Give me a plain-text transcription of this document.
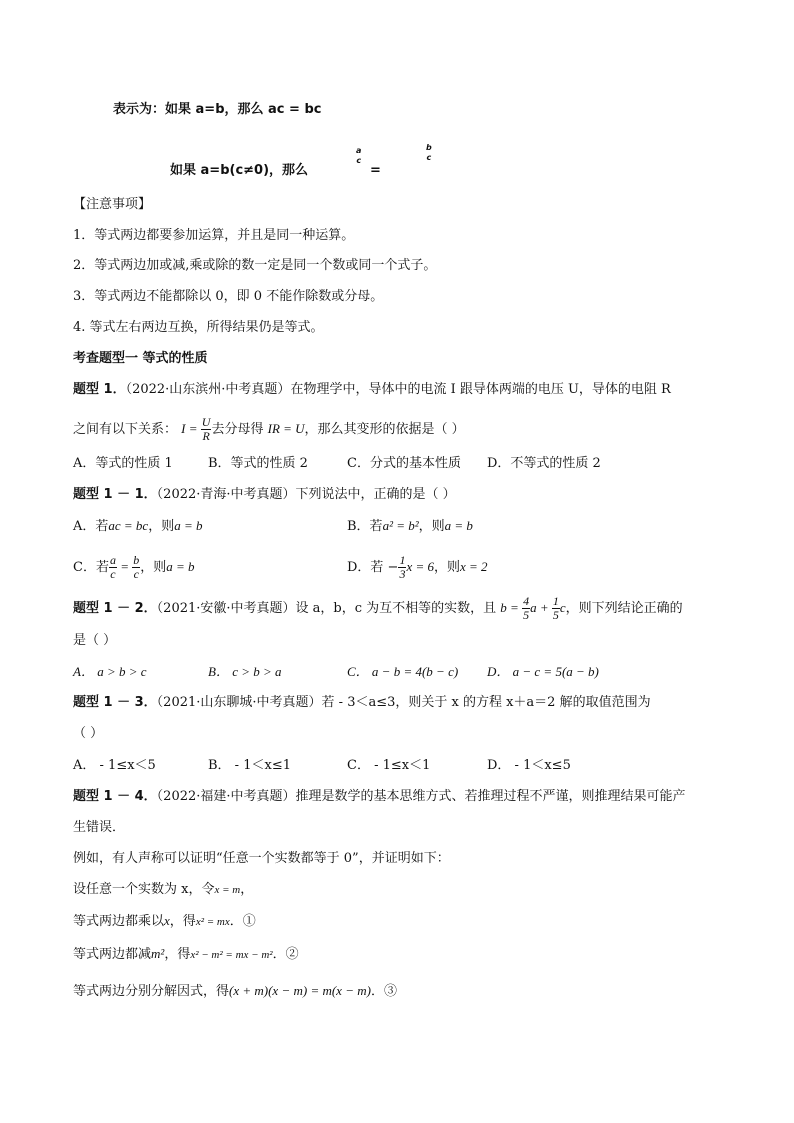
表示为：如果 a=b，那么 ac = bc
如果 a=b(c≠0)，那么
a
c
=
b
c
【注意事项】
1．等式两边都要参加运算，并且是同一种运算。
2．等式两边加或减,乘或除的数一定是同一个数或同一个式子。
3．等式两边不能都除以 0，即 0 不能作除数或分母。
4. 等式左右两边互换，所得结果仍是等式。
考查题型一 等式的性质
题型 1．（2022·山东滨州·中考真题）在物理学中，导体中的电流 I 跟导体两端的电压 U，导体的电阻 R
之间有以下关系： $I = \frac{U}{R}$ 去分母得 IR = U，那么其变形的依据是（ ）
A．等式的性质 1	B．等式的性质 2	C．分式的基本性质 D．不等式的性质 2
题型 1 － 1．（2022·青海·中考真题）下列说法中，正确的是（ ）
A．若ac = bc，则a = b	B．若a² = b²，则a = b
C．若 $\frac{a}{c} = \frac{b}{c}$ ，则a = b	D．若 − $\frac{1}{3}$ x = 6，则x = 2
题型 1 － 2．（2021·安徽·中考真题）设 a，b，c 为互不相等的实数，且 $b = \frac{4}{5}$ $a + \frac{1}{5}$ c，则下列结论正确的
是（ ）
A． a > b > c	B． c > b > a	C． a − b = 4(b − c) D． a − c = 5(a − b)
题型 1 － 3．（2021·山东聊城·中考真题）若 - 3＜a≤3，则关于 x 的方程 x＋a＝2 解的取值范围为
（ ）
A． - 1≤x＜5	B． - 1＜x≤1	C． - 1≤x＜1	D． - 1＜x≤5
题型 1 － 4．（2022·福建·中考真题）推理是数学的基本思维方式、若推理过程不严谨，则推理结果可能产
生错误．
例如，有人声称可以证明“任意一个实数都等于 0”，并证明如下：
设任意一个实数为 x，令x = m，
等式两边都乘以x，得x² = mx．①
等式两边都减m²，得x² − m² = mx − m²．②
等式两边分别分解因式，得(x + m)(x − m) = m(x − m)．③
